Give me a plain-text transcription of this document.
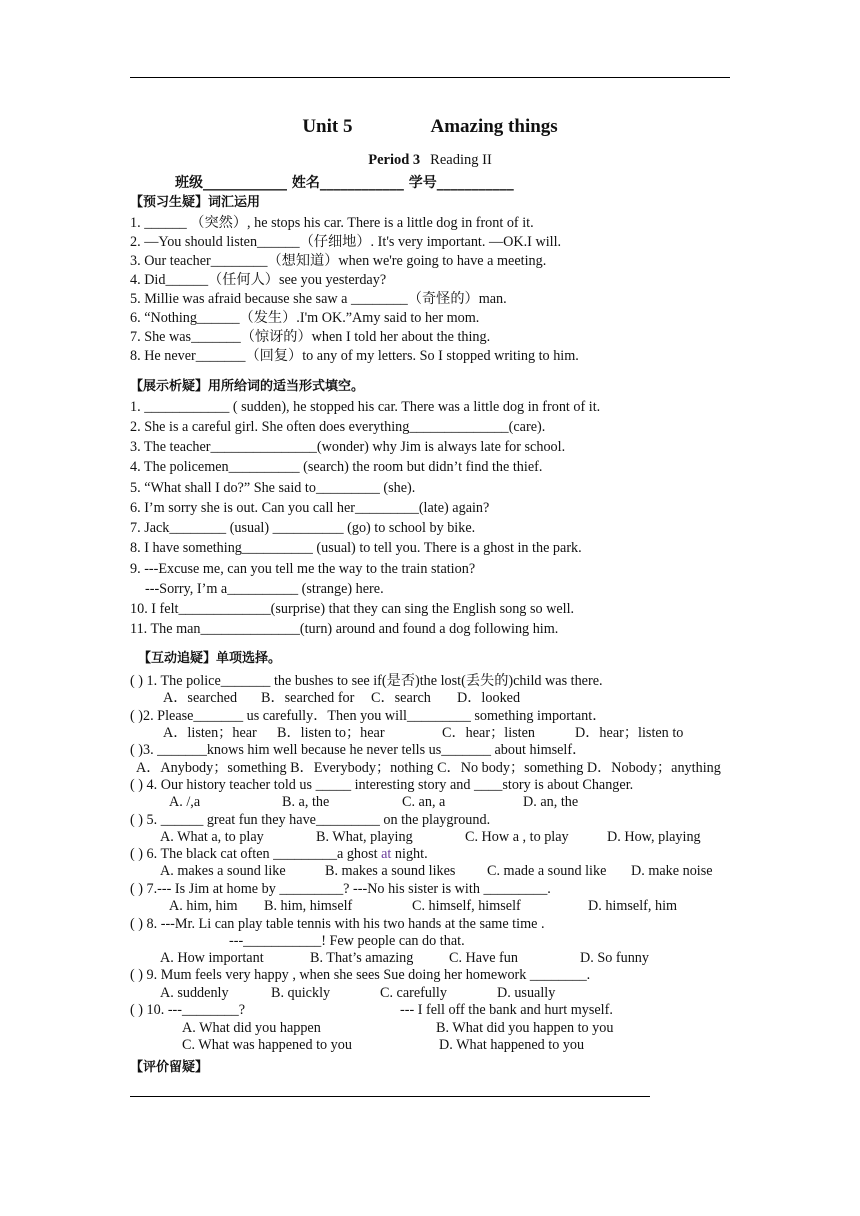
Unit 5	Amazing things
Period 3 Reading II
班级____________ 姓名____________ 学号___________
【预习生疑】词汇运用
1. ______ （突然）, he stops his car. There is a little dog in front of it.
2. —You should listen______（仔细地）. It's very important. —OK.I will.
3. Our teacher________（想知道）when we're going to have a meeting.
4. Did______（任何人）see you yesterday?
5. Millie was afraid because she saw a ________（奇怪的）man.
6. “Nothing______（发生）.I'm OK.”Amy said to her mom.
7. She was_______（惊讶的）when I told her about the thing.
8. He never_______（回复）to any of my letters. So I stopped writing to him.
【展示析疑】用所给词的适当形式填空。
1. ____________ ( sudden), he stopped his car. There was a little dog in front of it.
2. She is a careful girl. She often does everything______________(care).
3. The teacher_______________(wonder) why Jim is always late for school.
4. The policemen__________ (search) the room but didn’t find the thief.
5. “What shall I do?” She said to_________ (she).
6. I’m sorry she is out. Can you call her_________(late) again?
7. Jack________ (usual) __________ (go) to school by bike.
8. I have something__________ (usual) to tell you. There is a ghost in the park.
9. ---Excuse me, can you tell me the way to the train station?
---Sorry, I’m a__________ (strange) here.
10. I felt_____________(surprise) that they can sing the English song so well.
11. The man______________(turn) around and found a dog following him.
【互动追疑】单项选择。
( ) 1. The police_______ the bushes to see if(是否)the lost(丢失的)child was there.
A．searched B．searched for C．search D．looked
( )2. Please_______ us carefully．Then you will_________ something important．
A．listen；hear B．listen to；hear	C．hear；listen	D．hear；listen to
( )3. _______knows him well because he never tells us_______ about himself．
A．Anybody；something B．Everybody；nothing C．No body；something D．Nobody；anything
( ) 4. Our history teacher told us _____ interesting story and ____story is about Changer.
A. /,a	B. a, the	C. an, a	D. an, the
( ) 5. ______ great fun they have_________ on the playground.
A. What a, to play	B. What, playing	C. How a , to play	D. How, playing
( ) 6. The black cat often _________a ghost at night.
A. makes a sound like	B. makes a sound likes C. made a sound like D. make noise
( ) 7.--- Is Jim at home by _________? ---No his sister is with _________.
A. him, him B. him, himself	C. himself, himself	D. himself, him
( ) 8. ---Mr. Li can play table tennis with his two hands at the same time .
---___________! Few people can do that.
A. How important	B. That’s amazing	C. Have fun	D. So funny
( ) 9. Mum feels very happy , when she sees Sue doing her homework ________.
A. suddenly	B. quickly	C. carefully	D. usually
( ) 10. ---________?	--- I fell off the bank and hurt myself.
A. What did you happen	B. What did you happen to you
C. What was happened to you	D. What happened to you
【评价留疑】
